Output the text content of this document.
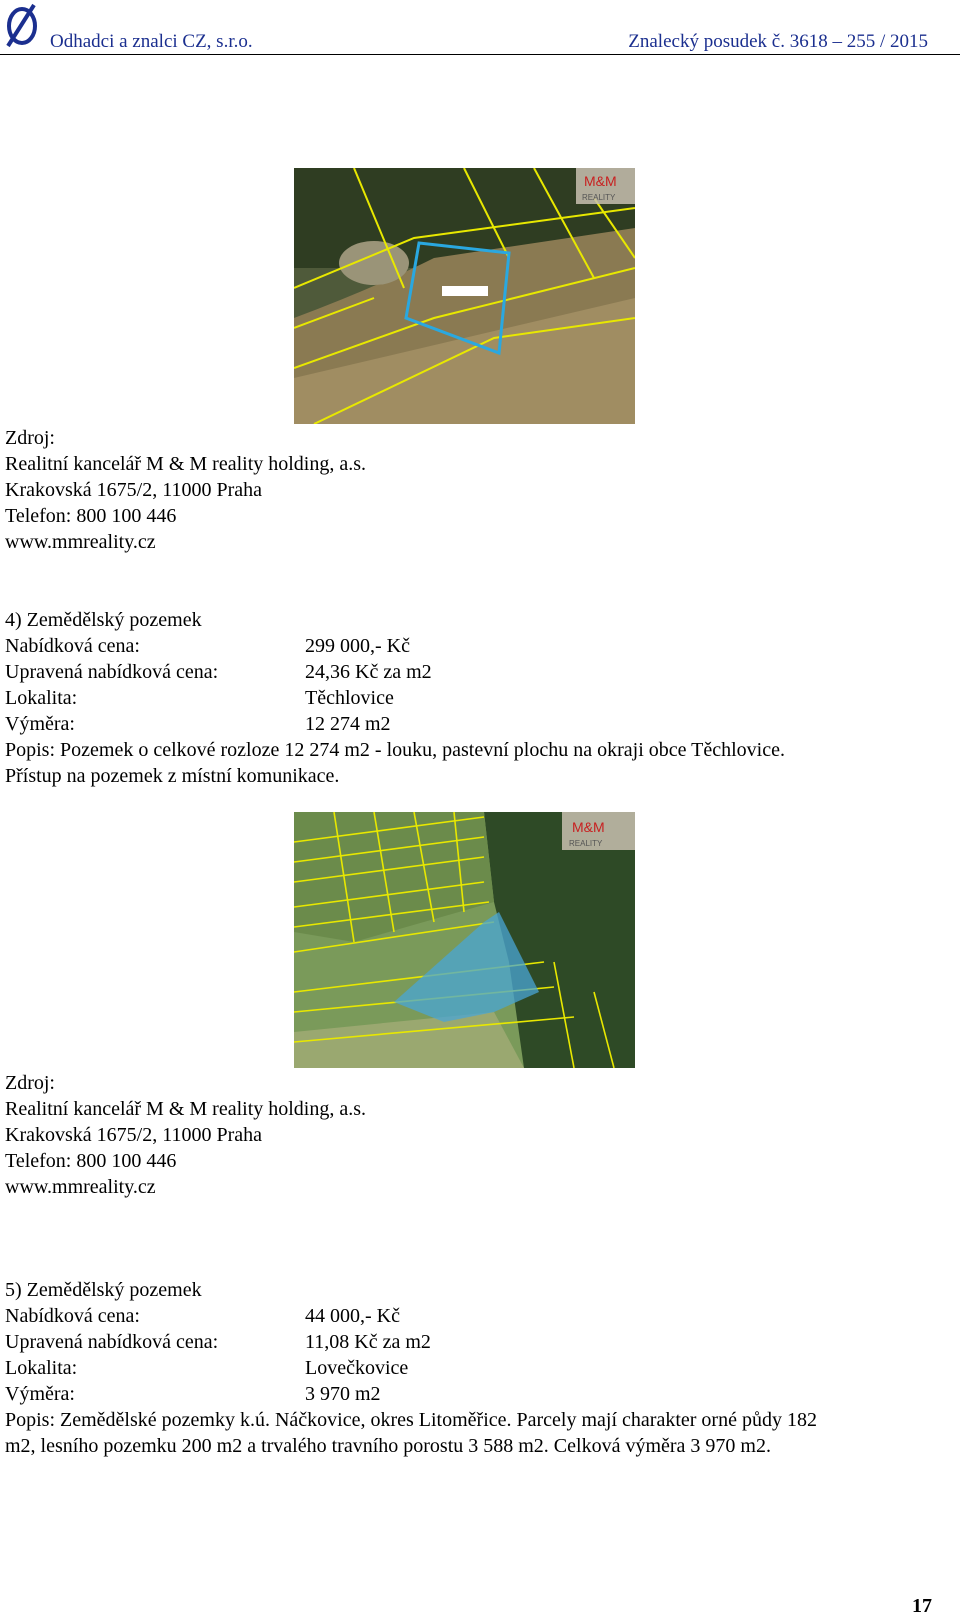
Odhadci a znalci CZ, s.r.o.	Znalecký posudek č. 3618 – 255 / 2015
M&M
REALITY
Zdroj:
Realitní kancelář M & M reality holding, a.s.
Krakovská 1675/2, 11000 Praha
Telefon: 800 100 446
www.mmreality.cz
4) Zemědělský pozemek
Nabídková cena:	299 000,- Kč
Upravená nabídková cena:	24,36 Kč za m2
Lokalita:	Těchlovice
Výměra:	12 274 m2
Popis: Pozemek o celkové rozloze 12 274 m2 - louku, pastevní plochu na okraji obce Těchlovice.
Přístup na pozemek z místní komunikace.
M&M
REALITY
Zdroj:
Realitní kancelář M & M reality holding, a.s.
Krakovská 1675/2, 11000 Praha
Telefon: 800 100 446
www.mmreality.cz
5) Zemědělský pozemek
Nabídková cena:	44 000,- Kč
Upravená nabídková cena:	11,08 Kč za m2
Lokalita:	Lovečkovice
Výměra:	3 970 m2
Popis: Zemědělské pozemky k.ú. Náčkovice, okres Litoměřice. Parcely mají charakter orné půdy 182
m2, lesního pozemku 200 m2 a trvalého travního porostu 3 588 m2. Celková výměra 3 970 m2.
17
